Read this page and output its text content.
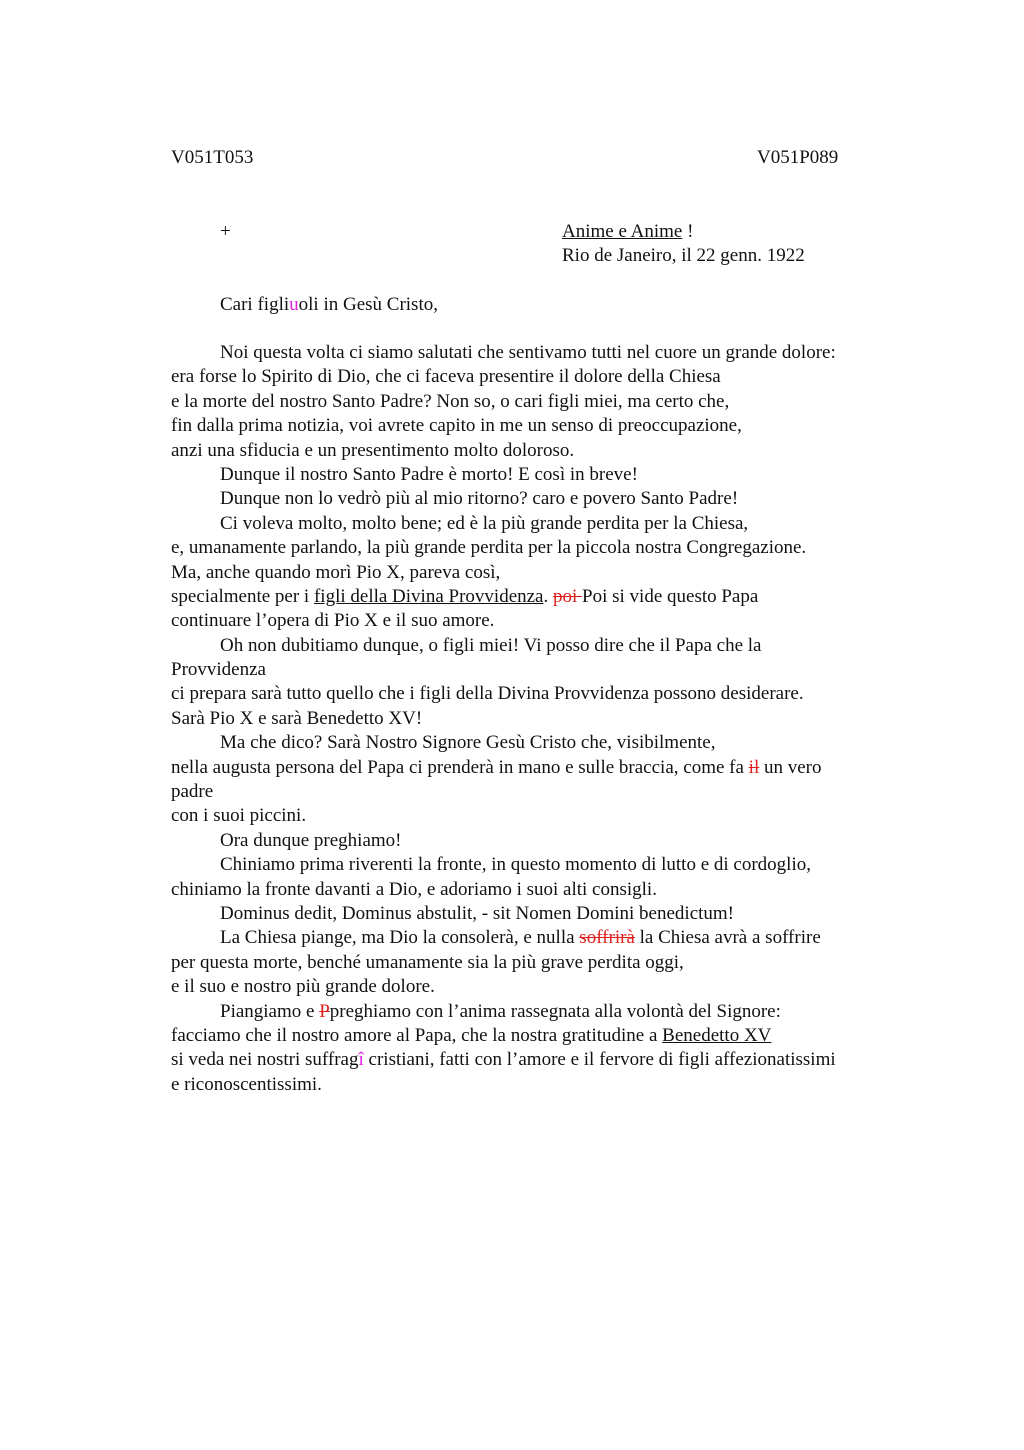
V051T053	V051P089
+	Anime e Anime !
Rio de Janeiro, il 22 genn. 1922
Cari figliuoli in Gesù Cristo,
Noi questa volta ci siamo salutati che sentivamo tutti nel cuore un grande dolore:
era forse lo Spirito di Dio, che ci faceva presentire il dolore della Chiesa
e la morte del nostro Santo Padre? Non so, o cari figli miei, ma certo che,
fin dalla prima notizia, voi avrete capito in me un senso di preoccupazione,
anzi una sfiducia e un presentimento molto doloroso.
Dunque il nostro Santo Padre è morto! E così in breve!
Dunque non lo vedrò più al mio ritorno? caro e povero Santo Padre!
Ci voleva molto, molto bene; ed è la più grande perdita per la Chiesa,
e, umanamente parlando, la più grande perdita per la piccola nostra Congregazione.
Ma, anche quando morì Pio X, pareva così,
specialmente per i figli della Divina Provvidenza. poi Poi si vide questo Papa
continuare l’opera di Pio X e il suo amore.
Oh non dubitiamo dunque, o figli miei! Vi posso dire che il Papa che la
Provvidenza
ci prepara sarà tutto quello che i figli della Divina Provvidenza possono desiderare.
Sarà Pio X e sarà Benedetto XV!
Ma che dico? Sarà Nostro Signore Gesù Cristo che, visibilmente,
nella augusta persona del Papa ci prenderà in mano e sulle braccia, come fa il un vero
padre
con i suoi piccini.
Ora dunque preghiamo!
Chiniamo prima riverenti la fronte, in questo momento di lutto e di cordoglio,
chiniamo la fronte davanti a Dio, e adoriamo i suoi alti consigli.
Dominus dedit, Dominus abstulit, - sit Nomen Domini benedictum!
La Chiesa piange, ma Dio la consolerà, e nulla soffrirà la Chiesa avrà a soffrire
per questa morte, benché umanamente sia la più grave perdita oggi,
e il suo e nostro più grande dolore.
Piangiamo e Ppreghiamo con l’anima rassegnata alla volontà del Signore:
facciamo che il nostro amore al Papa, che la nostra gratitudine a Benedetto XV
si veda nei nostri suffragî cristiani, fatti con l’amore e il fervore di figli affezionatissimi
e riconoscentissimi.
